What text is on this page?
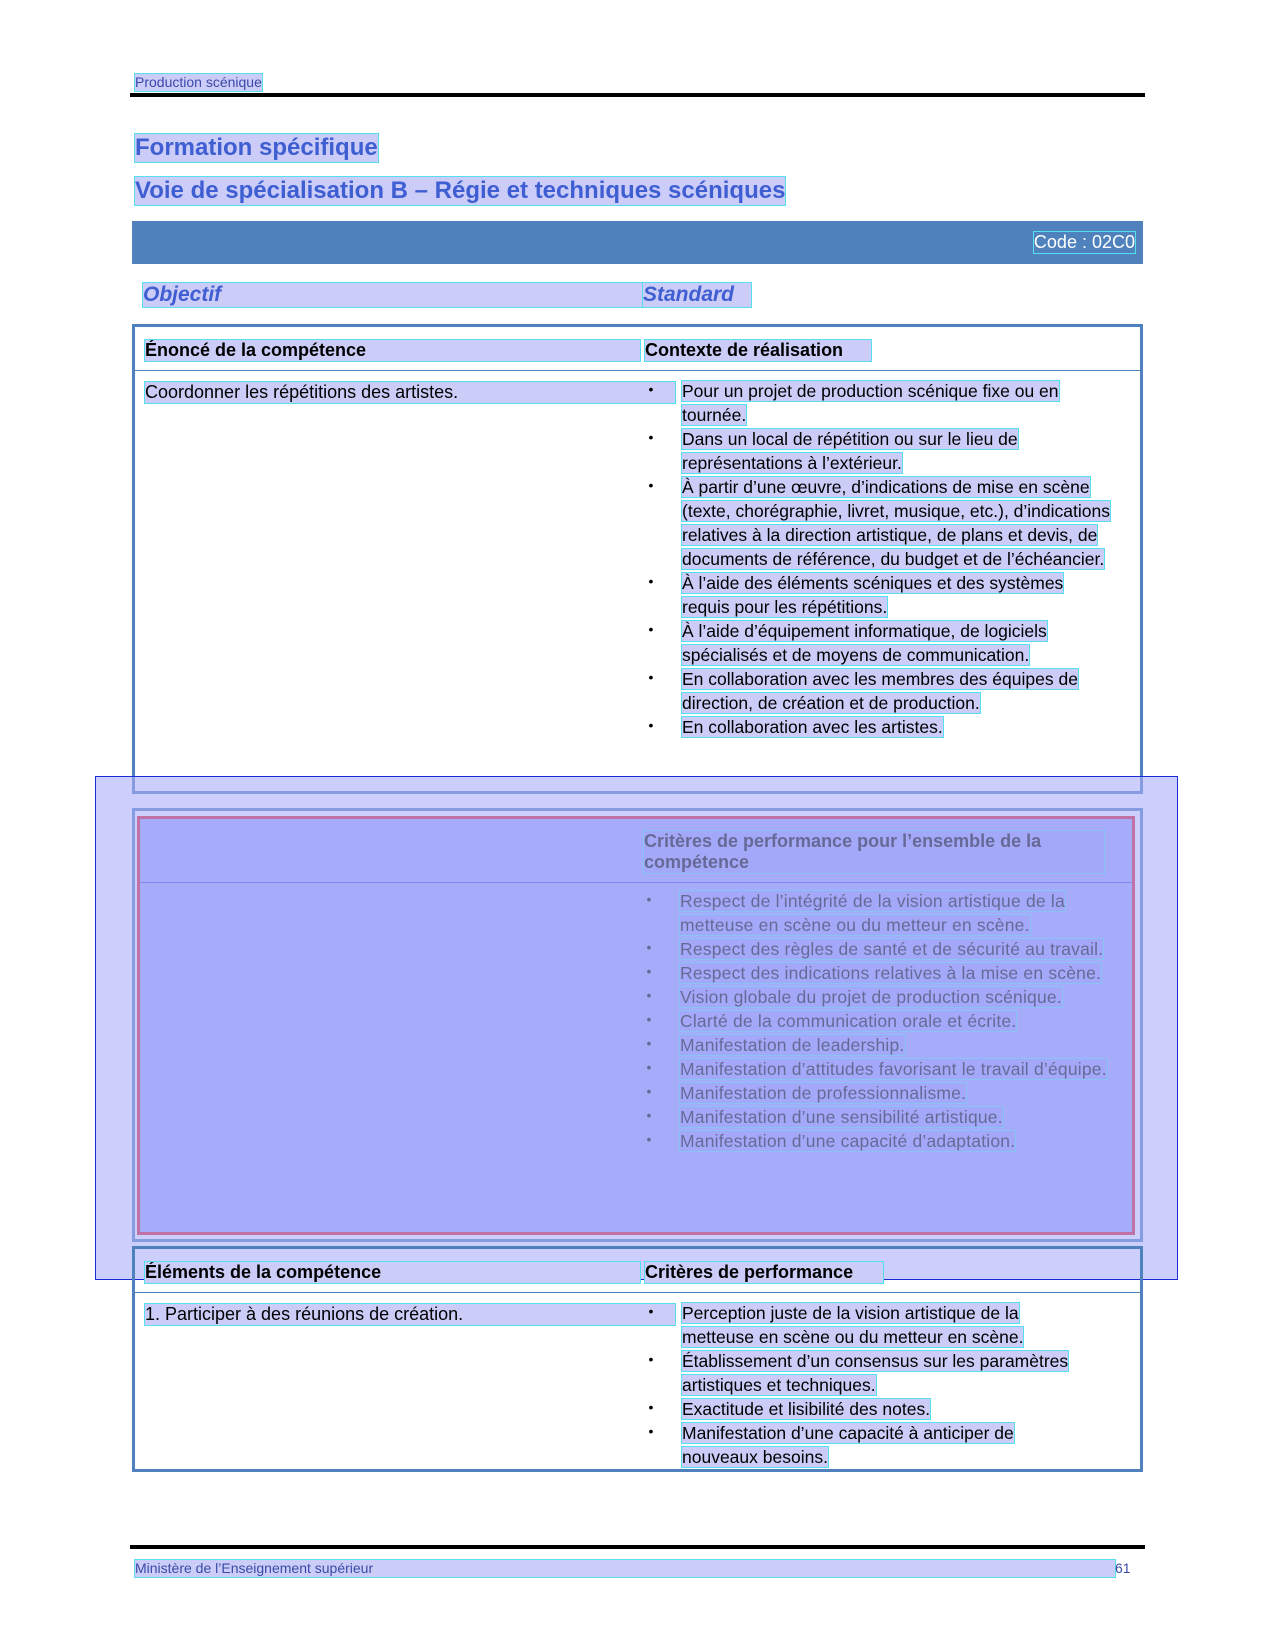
Production scénique
Formation spécifique
Voie de spécialisation B – Régie et techniques scéniques
Code : 02C0
Objectif	Standard
Énoncé de la compétence	Contexte de réalisation
Coordonner les répétitions des artistes.	• Pour un projet de production scénique fixe ou en tournée.
• Dans un local de répétition ou sur le lieu de représentations à l’extérieur.
• À partir d’une œuvre, d’indications de mise en scène (texte, chorégraphie, livret, musique, etc.), d’indications relatives à la direction artistique, de plans et devis, de documents de référence, du budget et de l’échéancier.
• À l’aide des éléments scéniques et des systèmes requis pour les répétitions.
• À l’aide d’équipement informatique, de logiciels spécialisés et de moyens de communication.
• En collaboration avec les membres des équipes de direction, de création et de production.
• En collaboration avec les artistes.
Éléments de la compétence	Critères de performance
1. Participer à des réunions de création.	• Perception juste de la vision artistique de la metteuse en scène ou du metteur en scène.
• Établissement d’un consensus sur les paramètres artistiques et techniques.
• Exactitude et lisibilité des notes.
• Manifestation d’une capacité à anticiper de nouveaux besoins.
Ministère de l’Enseignement supérieur	61
